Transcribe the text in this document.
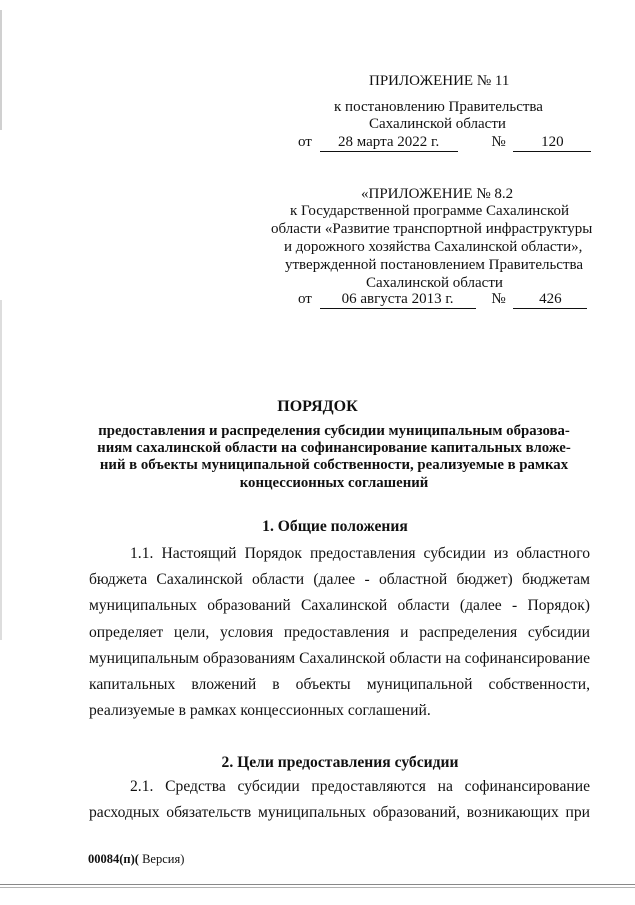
ПРИЛОЖЕНИЕ № 11
к постановлению Правительства
Сахалинской области
от 28 марта 2022 г.	№ 120
«ПРИЛОЖЕНИЕ № 8.2
к Государственной программе Сахалинской
области «Развитие транспортной инфраструктуры
и дорожного хозяйства Сахалинской области»,
утвержденной постановлением Правительства
Сахалинской области
от 06 августа 2013 г.	№ 426
ПОРЯДОК
предоставления и распределения субсидии муниципальным образова-
ниям сахалинской области на софинансирование капитальных вложе-
ний в объекты муниципальной собственности, реализуемые в рамках
концессионных соглашений
1. Общие положения
1.1. Настоящий Порядок предоставления субсидии из областного
бюджета Сахалинской области (далее - областной бюджет) бюджетам
муниципальных образований Сахалинской области (далее - Порядок)
определяет цели, условия предоставления и распределения субсидии
муниципальным образованиям Сахалинской области на софинансирование
капитальных вложений в объекты муниципальной собственности,
реализуемые в рамках концессионных соглашений.
2. Цели предоставления субсидии
2.1. Средства субсидии предоставляются на софинансирование
расходных обязательств муниципальных образований, возникающих при
00084(п)( Версия)
